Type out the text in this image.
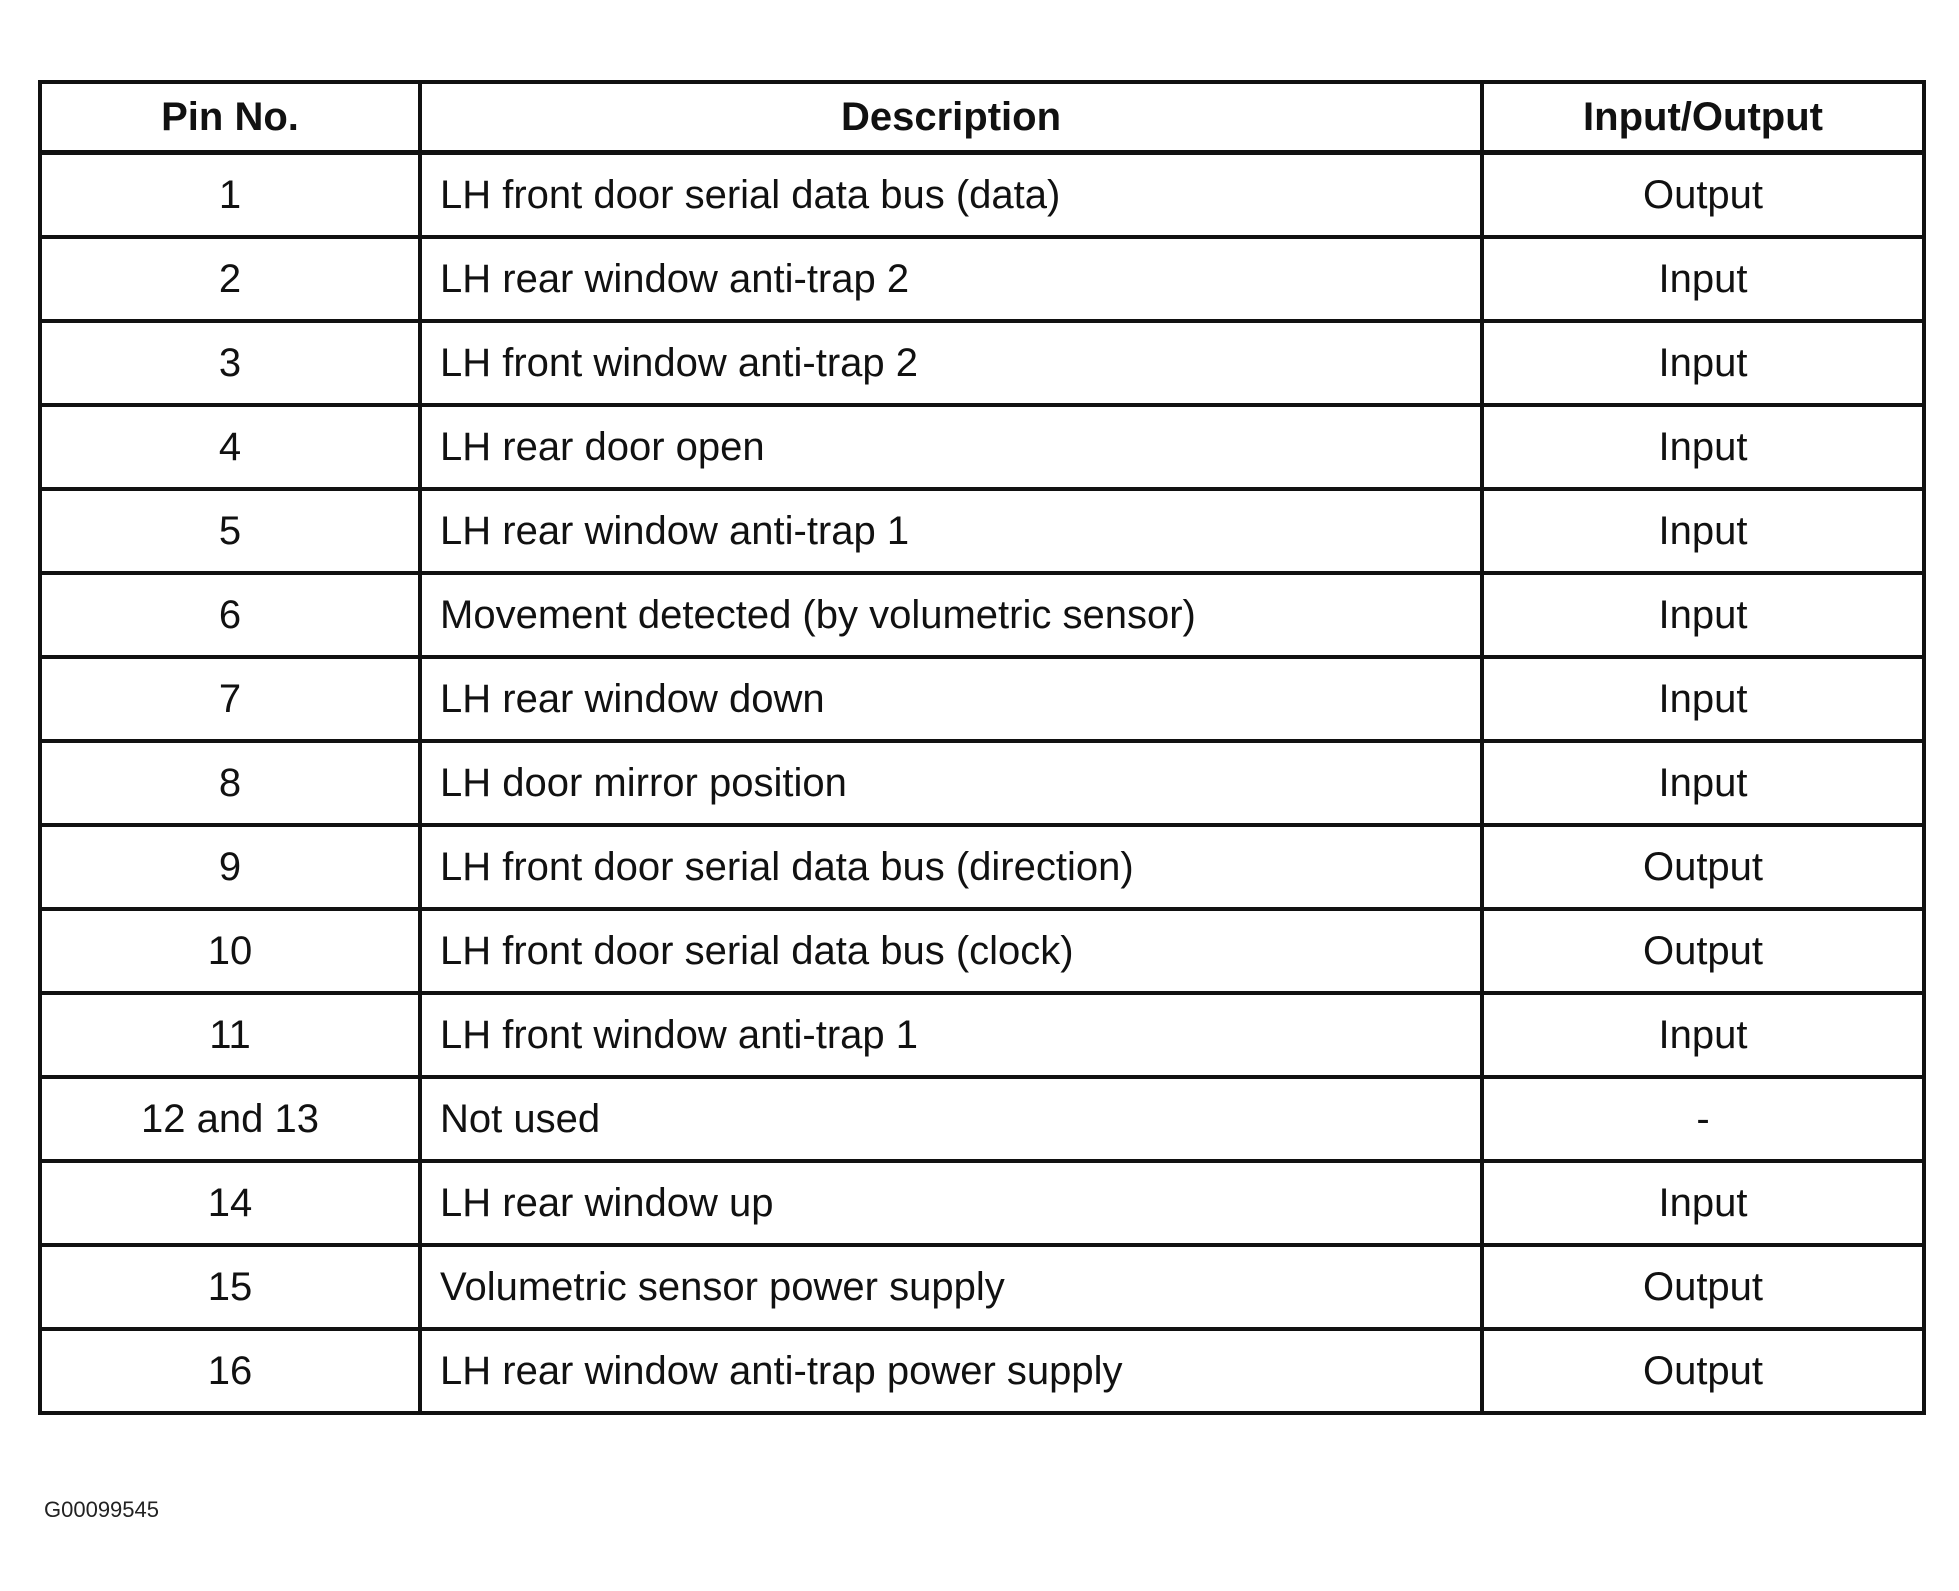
Pin No.	Description	Input/Output
1	LH front door serial data bus (data)	Output
2	LH rear window anti-trap 2	Input
3	LH front window anti-trap 2	Input
4	LH rear door open	Input
5	LH rear window anti-trap 1	Input
6	Movement detected (by volumetric sensor)	Input
7	LH rear window down	Input
8	LH door mirror position	Input
9	LH front door serial data bus (direction)	Output
10	LH front door serial data bus (clock)	Output
11	LH front window anti-trap 1	Input
12 and 13	Not used	-
14	LH rear window up	Input
15	Volumetric sensor power supply	Output
16	LH rear window anti-trap power supply	Output
G00099545
